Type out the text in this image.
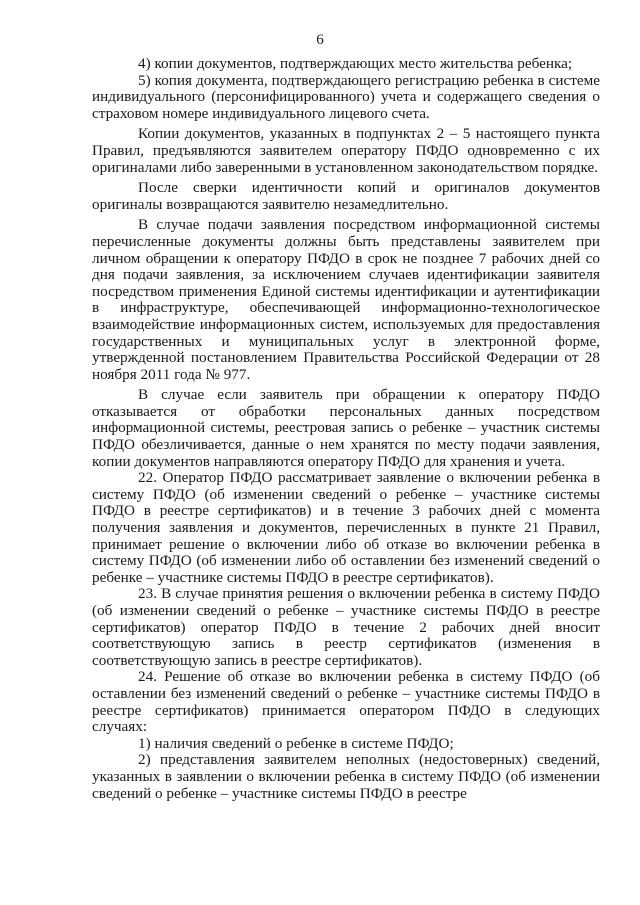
6

4) копии документов, подтверждающих место жительства ребенка;

5) копия документа, подтверждающего регистрацию ребенка в системе индивидуального (персонифицированного) учета и содержащего сведения о страховом номере индивидуального лицевого счета.

Копии документов, указанных в подпунктах 2 – 5 настоящего пункта Правил, предъявляются заявителем оператору ПФДО одновременно с их оригиналами либо заверенными в установленном законодательством порядке.

После сверки идентичности копий и оригиналов документов оригиналы возвращаются заявителю незамедлительно.

В случае подачи заявления посредством информационной системы перечисленные документы должны быть представлены заявителем при личном обращении к оператору ПФДО в срок не позднее 7 рабочих дней со дня подачи заявления, за исключением случаев идентификации заявителя посредством применения Единой системы идентификации и аутентификации в инфраструктуре, обеспечивающей информационно-технологическое взаимодействие информационных систем, используемых для предоставления государственных и муниципальных услуг в электронной форме, утвержденной постановлением Правительства Российской Федерации от 28 ноября 2011 года № 977.

В случае если заявитель при обращении к оператору ПФДО отказывается от обработки персональных данных посредством информационной системы, реестровая запись о ребенке – участник системы ПФДО обезличивается, данные о нем хранятся по месту подачи заявления, копии документов направляются оператору ПФДО для хранения и учета.

22. Оператор ПФДО рассматривает заявление о включении ребенка в систему ПФДО (об изменении сведений о ребенке – участнике системы ПФДО в реестре сертификатов) и в течение 3 рабочих дней с момента получения заявления и документов, перечисленных в пункте 21 Правил, принимает решение о включении либо об отказе во включении ребенка в систему ПФДО (об изменении либо об оставлении без изменений сведений о ребенке – участнике системы ПФДО в реестре сертификатов).

23. В случае принятия решения о включении ребенка в систему ПФДО (об изменении сведений о ребенке – участнике системы ПФДО в реестре сертификатов) оператор ПФДО в течение 2 рабочих дней вносит соответствующую запись в реестр сертификатов (изменения в соответствующую запись в реестре сертификатов).

24. Решение об отказе во включении ребенка в систему ПФДО (об оставлении без изменений сведений о ребенке – участнике системы ПФДО в реестре сертификатов) принимается оператором ПФДО в следующих случаях:

1) наличия сведений о ребенке в системе ПФДО;

2) представления заявителем неполных (недостоверных) сведений, указанных в заявлении о включении ребенка в систему ПФДО (об изменении сведений о ребенке – участнике системы ПФДО в реестре
